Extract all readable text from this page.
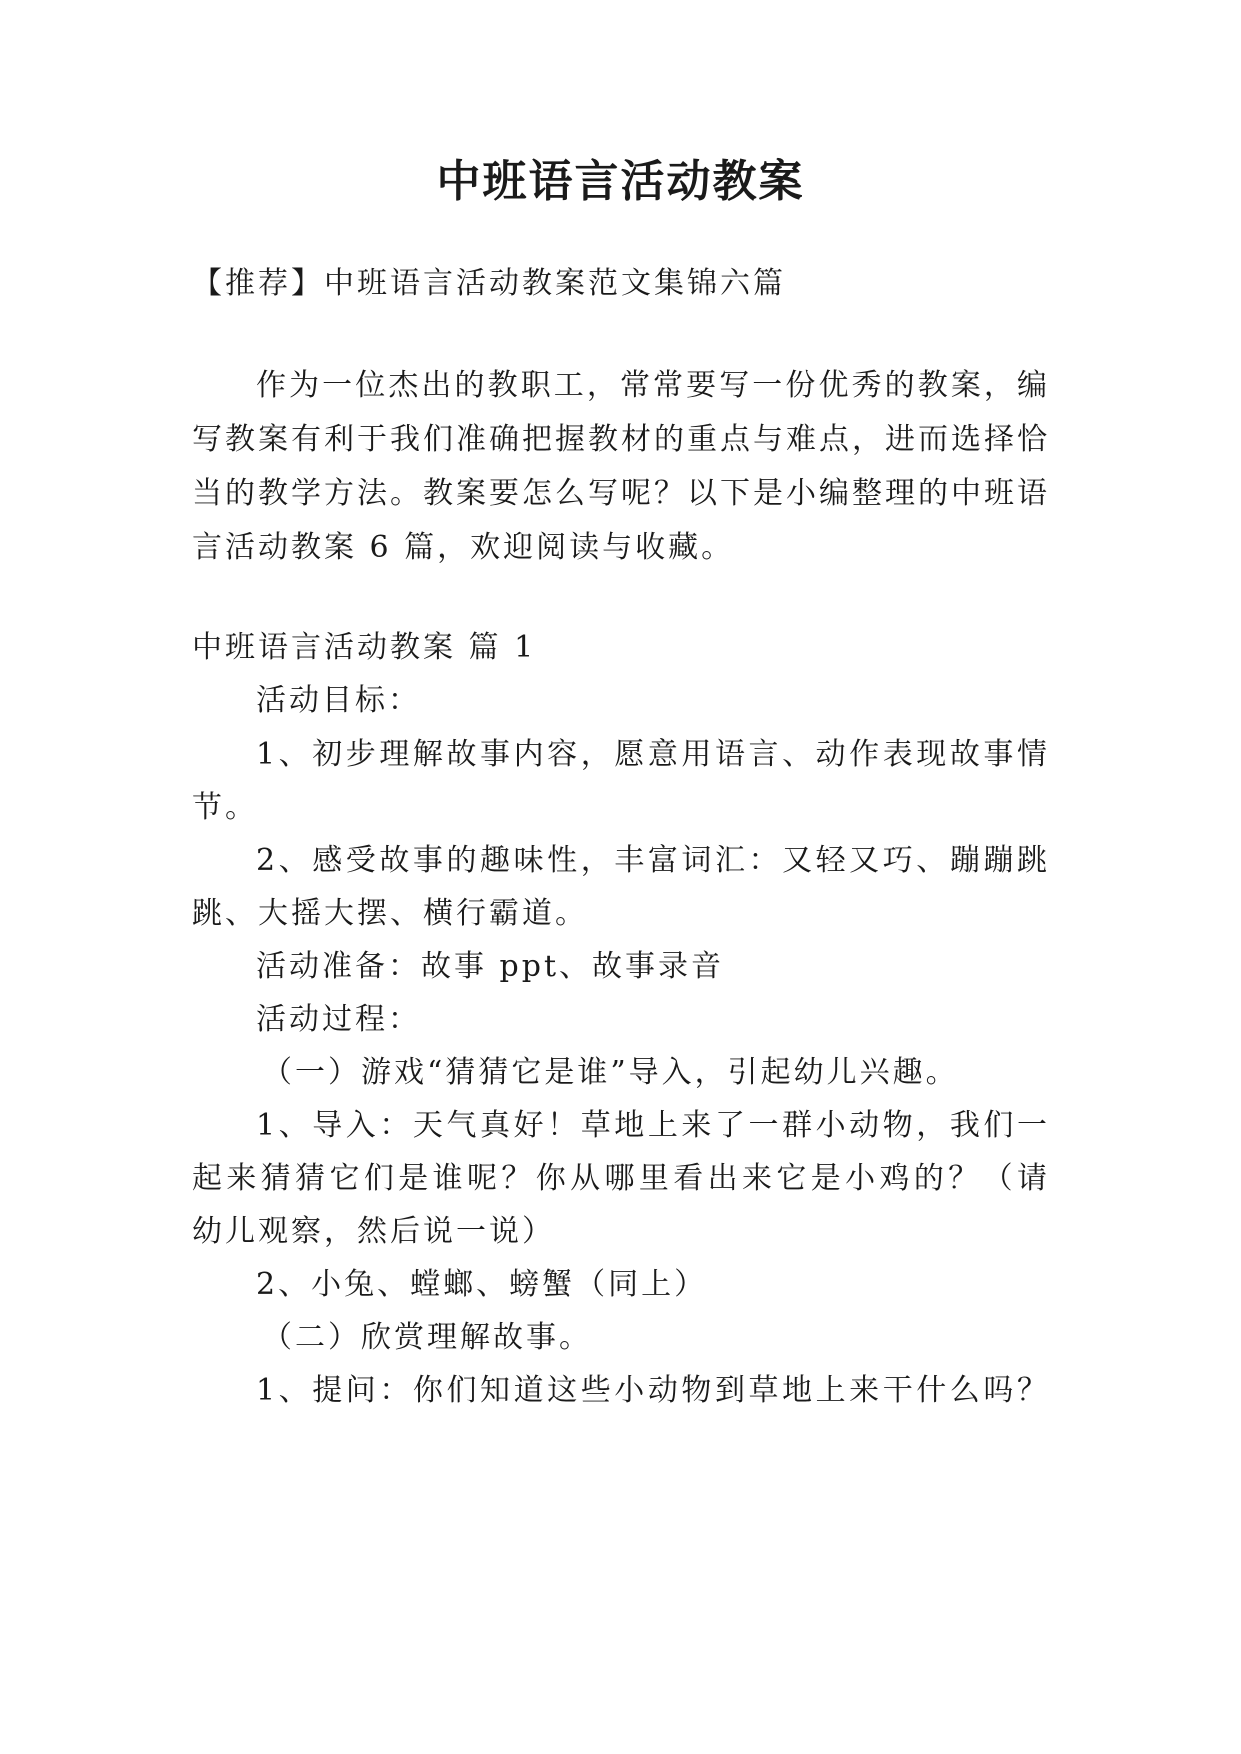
中班语言活动教案
【推荐】中班语言活动教案范文集锦六篇
作为一位杰出的教职工，常常要写一份优秀的教案，编
写教案有利于我们准确把握教材的重点与难点，进而选择恰
当的教学方法。教案要怎么写呢？以下是小编整理的中班语
言活动教案 6 篇，欢迎阅读与收藏。
中班语言活动教案 篇 1
活动目标：
1、初步理解故事内容，愿意用语言、动作表现故事情
节。
2、感受故事的趣味性，丰富词汇：又轻又巧、蹦蹦跳
跳、大摇大摆、横行霸道。
活动准备：故事 ppt、故事录音
活动过程：
（一）游戏“猜猜它是谁”导入，引起幼儿兴趣。
1、导入：天气真好！草地上来了一群小动物，我们一
起来猜猜它们是谁呢？你从哪里看出来它是小鸡的？（请
幼儿观察，然后说一说）
2、小兔、螳螂、螃蟹（同上）
（二）欣赏理解故事。
1、提问：你们知道这些小动物到草地上来干什么吗？
